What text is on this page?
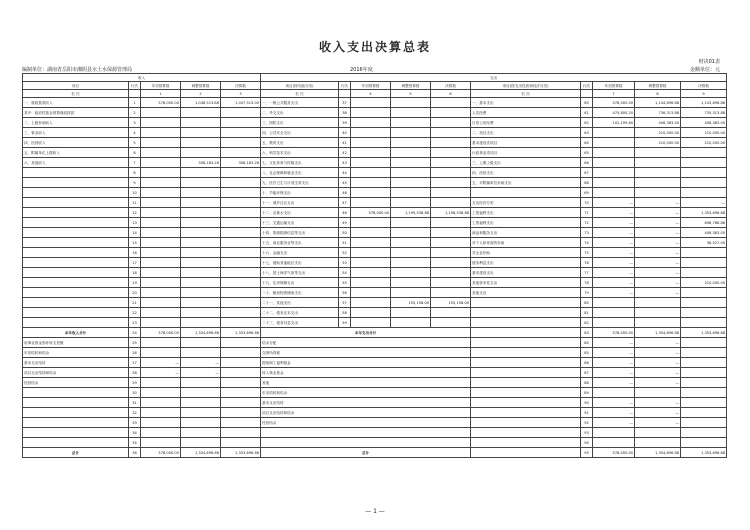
收入支出决算总表
财决01表
编制单位：湖南省岳阳市湘阴县水土水保源管理局	2016年度	金额单位：元
收入					支出									
项目	行次	年初预算数	调整预算数	决算数	项目(按功能分类)	行次	年初预算数	调整预算数	决算数	项目(按支出性质和经济分类)	行次	年初预算数	调整预算数	决算数
栏 次		1	2	3	栏 次		4	5	6	栏 次		7	8	9
一、财政拨款收入	1	578,000.00	1,048,513.88	1,047,513.00	一、一般公共服务支出	37				一、基本支出	60	578,000.00	1,144,896.88	1,143,896.88
其中：政府性基金预算财政拨款	2				二、外交支出	38				人员经费	61	475,800.20	736,313.88	735,313.88
二、上级补助收入	3				三、国防支出	39				日常公用经费	62	102,199.80	408,383.00	408,383.00
三、事业收入	4				四、公共安全支出	40				二、项目支出	63		210,000.00	210,000.00
四、经营收入	5				五、教育支出	41				基本建设类项目	64		210,000.00	210,000.00
五、附属单位上缴收入	6				六、科学技术支出	42				行政事业类项目	65			
六、其他收入	7		306,183.26	306,183.26	七、文化体育与传媒支出	43				三、上缴上级支出	66			
	8				八、社会保障和就业支出	44				四、经营支出	67			
	9				九、医疗卫生与计划生育支出	45				五、对附属单位补助支出	68			
	10				十、节能环保支出	46					69			
	11				十一、城乡社区支出	47				支出经济分类	70	—	—	—
	12				十二、农林水支出	48	578,000.00	1,199,538.88	1,198,538.88	工资福利支出	71	—	—	1,353,696.88
	13				十三、交通运输支出	49				工资福利支出	72	—	—	698,786.88
	14				十四、资源勘探信息等支出	50				商品和服务支出	73	—	—	408,383.00
	15				十五、商业服务业等支出	51				对个人和家庭的补助	74	—	—	38,527.00
	16				十六、金融支出	52				对企业补助	75	—	—	
	17				十七、援助其他地区支出	53				债务利息支出	76	—	—	
	18				十八、国土海洋气象等支出	54				基本建设支出	77	—	—	
	19				十九、住房保障支出	55				其他资本性支出	78	—	—	210,000.00
	20				二十、粮油物资储备支出	56				其他支出	79	—	—	
	21				二十一、其他支出	57		155,158.00	155,158.00		80			
	22				二十二、债务还本支出	58					81			
	23				二十三、债务付息支出	59					82			
本年收入合计	24	578,000.00	1,354,696.88	1,353,696.88	本年支出合计						83	578,000.00	1,354,696.88	1,353,696.88
用事业基金弥补收支差额	25				结余分配						84	—	—	
年初结转和结余	26				交纳所得税						85	—	—	
基本支出结转	27	—	—		提取职工福利基金						86	—	—	
项目支出结转和结余	28	—	—		转入事业基金						87	—	—	
经营结余	29				其他						88	—	—	
	30				年末结转和结余						89			
	31				基本支出结转						90	—	—	
	32				项目支出结转和结余						91	—	—	
	33				经营结余						92	—	—	
	34										93			
	35										94			
总计	36	578,000.00	1,354,696.88	1,353,696.88	总计						95	578,000.00	1,354,696.88	1,353,696.88
— 1 —
